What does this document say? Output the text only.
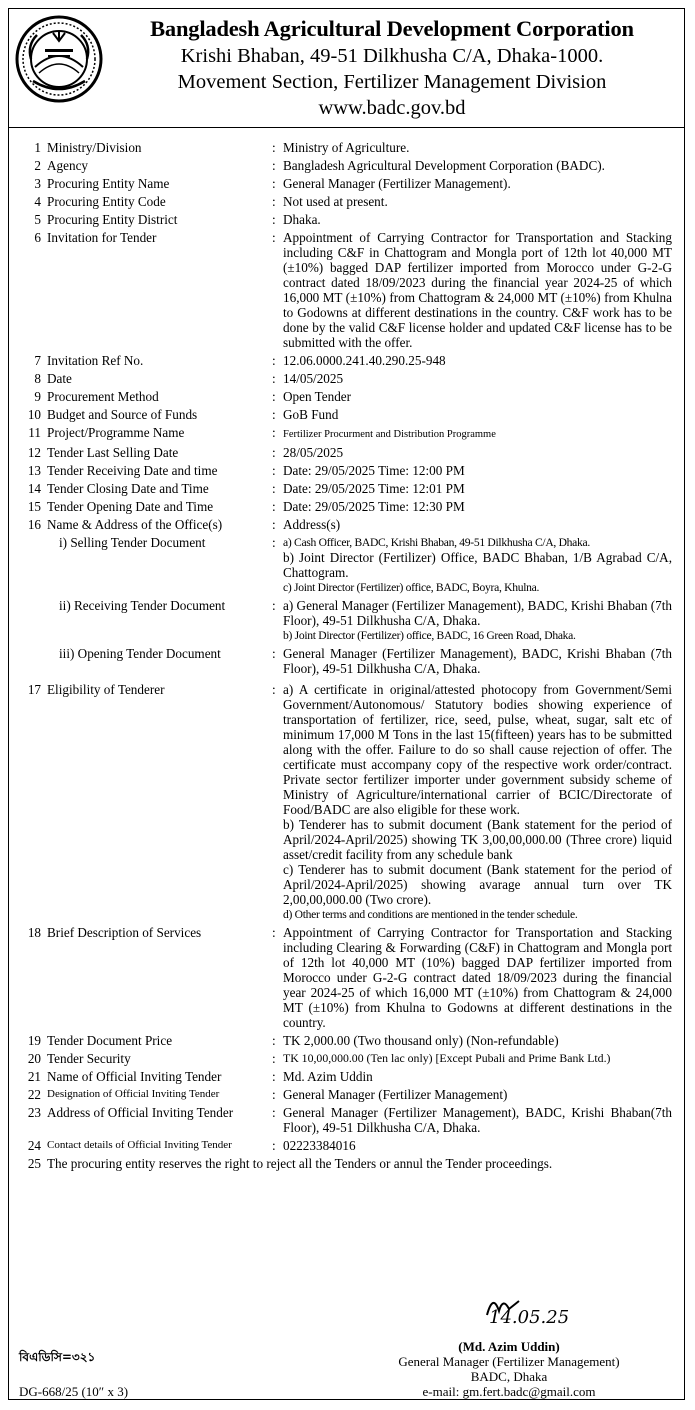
Bangladesh Agricultural Development Corporation
Krishi Bhaban, 49-51 Dilkhusha C/A, Dhaka-1000.
Movement Section, Fertilizer Management Division
www.badc.gov.bd
1 Ministry/Division	: Ministry of Agriculture.
2 Agency	: Bangladesh Agricultural Development Corporation (BADC).
3 Procuring Entity Name	: General Manager (Fertilizer Management).
4 Procuring Entity Code	: Not used at present.
5 Procuring Entity District	: Dhaka.
6 Invitation for Tender	: Appointment of Carrying Contractor for Transportation and Stacking including C&F in Chattogram and Mongla port of 12th lot 40,000 MT (±10%) bagged DAP fertilizer imported from Morocco under G-2-G contract dated 18/09/2023 during the financial year 2024-25 of which 16,000 MT (±10%) from Chattogram & 24,000 MT (±10%) from Khulna to Godowns at different destinations in the country. C&F work has to be done by the valid C&F license holder and updated C&F license has to be submitted with the offer.
7 Invitation Ref No.	: 12.06.0000.241.40.290.25-948
8 Date	: 14/05/2025
9 Procurement Method	: Open Tender
10 Budget and Source of Funds	: GoB Fund
11 Project/Programme Name	: Fertilizer Procurment and Distribution Programme
12 Tender Last Selling Date	: 28/05/2025
13 Tender Receiving Date and time	: Date: 29/05/2025 Time: 12:00 PM
14 Tender Closing Date and Time	: Date: 29/05/2025 Time: 12:01 PM
15 Tender Opening Date and Time	: Date: 29/05/2025 Time: 12:30 PM
16 Name & Address of the Office(s)	: Address(s)
i) Selling Tender Document	: a) Cash Officer, BADC, Krishi Bhaban, 49-51 Dilkhusha C/A, Dhaka.
b) Joint Director (Fertilizer) Office, BADC Bhaban, 1/B Agrabad C/A, Chattogram.
c) Joint Director (Fertilizer) office, BADC, Boyra, Khulna.
ii) Receiving Tender Document	: a) General Manager (Fertilizer Management), BADC, Krishi Bhaban (7th Floor), 49-51 Dilkhusha C/A, Dhaka.
b) Joint Director (Fertilizer) office, BADC, 16 Green Road, Dhaka.
iii) Opening Tender Document	: General Manager (Fertilizer Management), BADC, Krishi Bhaban (7th Floor), 49-51 Dilkhusha C/A, Dhaka.
17 Eligibility of Tenderer	: a) A certificate in original/attested photocopy from Government/Semi Government/Autonomous/ Statutory bodies showing experience of transportation of fertilizer, rice, seed, pulse, wheat, sugar, salt etc of minimum 17,000 M Tons in the last 15(fifteen) years has to be submitted along with the offer. Failure to do so shall cause rejection of offer. The certificate must accompany copy of the respective work order/contract. Private sector fertilizer importer under government subsidy scheme of Ministry of Agriculture/international carrier of BCIC/Directorate of Food/BADC are also eligible for these work.
b) Tenderer has to submit document (Bank statement for the period of April/2024-April/2025) showing TK 3,00,00,000.00 (Three crore) liquid asset/credit facility from any schedule bank
c) Tenderer has to submit document (Bank statement for the period of April/2024-April/2025) showing avarage annual turn over TK 2,00,00,000.00 (Two crore).
d) Other terms and conditions are mentioned in the tender schedule.
18 Brief Description of Services	: Appointment of Carrying Contractor for Transportation and Stacking including Clearing & Forwarding (C&F) in Chattogram and Mongla port of 12th lot 40,000 MT (10%) bagged DAP fertilizer imported from Morocco under G-2-G contract dated 18/09/2023 during the financial year 2024-25 of which 16,000 MT (±10%) from Chattogram & 24,000 MT (±10%) from Khulna to Godowns at different destinations in the country.
19 Tender Document Price	: TK 2,000.00 (Two thousand only) (Non-refundable)
20 Tender Security	: TK 10,00,000.00 (Ten lac only) [Except Pubali and Prime Bank Ltd.)
21 Name of Official Inviting Tender	: Md. Azim Uddin
22 Designation of Official Inviting Tender	: General Manager (Fertilizer Management)
23 Address of Official Inviting Tender	: General Manager (Fertilizer Management), BADC, Krishi Bhaban(7th Floor), 49-51 Dilkhusha C/A, Dhaka.
24 Contact details of Official Inviting Tender	: 02223384016
25 The procuring entity reserves the right to reject all the Tenders or annul the Tender proceedings.
14.05.25
(Md. Azim Uddin)
General Manager (Fertilizer Management)
BADC, Dhaka
e-mail: gm.fert.badc@gmail.com
বিএডিসি=৩২১
DG-668/25 (10″ x 3)
